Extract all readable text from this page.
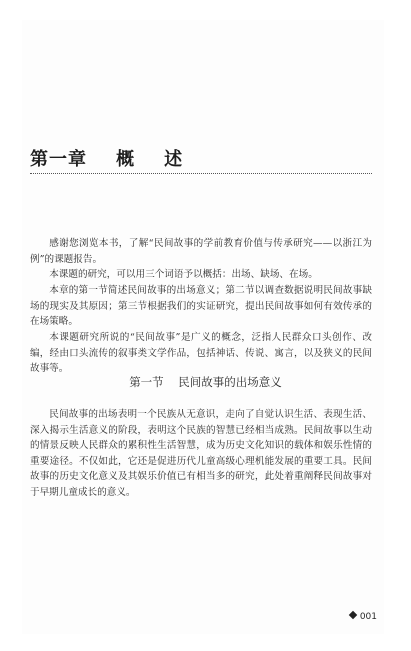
第一章    概    述

感谢您浏览本书，了解“民间故事的学前教育价值与传承研究——以浙江为例”的课题报告。

本课题的研究，可以用三个词语予以概括：出场、缺场、在场。

本章的第一节简述民间故事的出场意义；第二节以调查数据说明民间故事缺场的现实及其原因；第三节根据我们的实证研究，提出民间故事如何有效传承的在场策略。

本课题研究所说的“民间故事”是广义的概念，泛指人民群众口头创作、改编，经由口头流传的叙事类文学作品，包括神话、传说、寓言，以及狭义的民间故事等。

第一节    民间故事的出场意义

民间故事的出场表明一个民族从无意识，走向了自觉认识生活、表现生活、深入揭示生活意义的阶段，表明这个民族的智慧已经相当成熟。民间故事以生动的情景反映人民群众的累积性生活智慧，成为历史文化知识的载体和娱乐性情的重要途径。不仅如此，它还是促进历代儿童高级心理机能发展的重要工具。民间故事的历史文化意义及其娱乐价值已有相当多的研究，此处着重阐释民间故事对于早期儿童成长的意义。

001
